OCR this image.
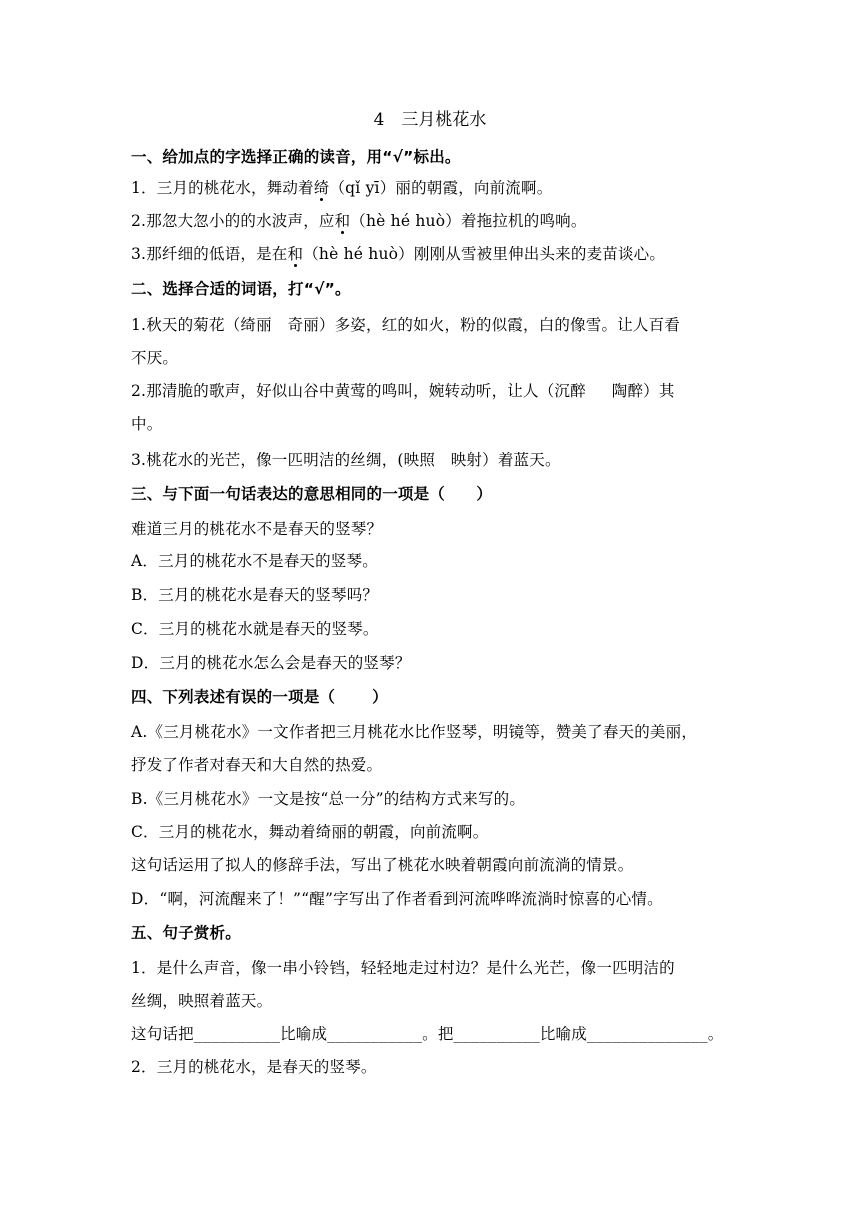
4　三月桃花水
一、给加点的字选择正确的读音，用“√”标出。
1．三月的桃花水，舞动着绮（qǐ yī）丽的朝霞，向前流啊。
2.那忽大忽小的的水波声，应和（hè hé huò）着拖拉机的鸣响。
3.那纤细的低语，是在和（hè hé huò）刚刚从雪被里伸出头来的麦苗谈心。
二、选择合适的词语，打“√”。
1.秋天的菊花（绮丽　奇丽）多姿，红的如火，粉的似霞，白的像雪。让人百看
不厌。
2.那清脆的歌声，好似山谷中黄莺的鸣叫，婉转动听，让人（沉醉　  陶醉）其
中。
3.桃花水的光芒，像一匹明洁的丝绸，(映照　映射）着蓝天。
三、与下面一句话表达的意思相同的一项是（　　）
难道三月的桃花水不是春天的竖琴？
A．三月的桃花水不是春天的竖琴。
B．三月的桃花水是春天的竖琴吗？
C．三月的桃花水就是春天的竖琴。
D．三月的桃花水怎么会是春天的竖琴？
四、下列表述有误的一项是（　　 ）
A.《三月桃花水》一文作者把三月桃花水比作竖琴，明镜等，赞美了春天的美丽，
抒发了作者对春天和大自然的热爱。
B.《三月桃花水》一文是按“总一分”的结构方式来写的。
C．三月的桃花水，舞动着绮丽的朝霞，向前流啊。
这句话运用了拟人的修辞手法，写出了桃花水映着朝霞向前流淌的情景。
D．“啊，河流醒来了！”“醒”字写出了作者看到河流哗哗流淌时惊喜的心情。
五、句子赏析。
1．是什么声音，像一串小铃铛，轻轻地走过村边？是什么光芒，像一匹明洁的
丝绸，映照着蓝天。
这句话把__________比喻成___________。把__________比喻成______________。
2．三月的桃花水，是春天的竖琴。
